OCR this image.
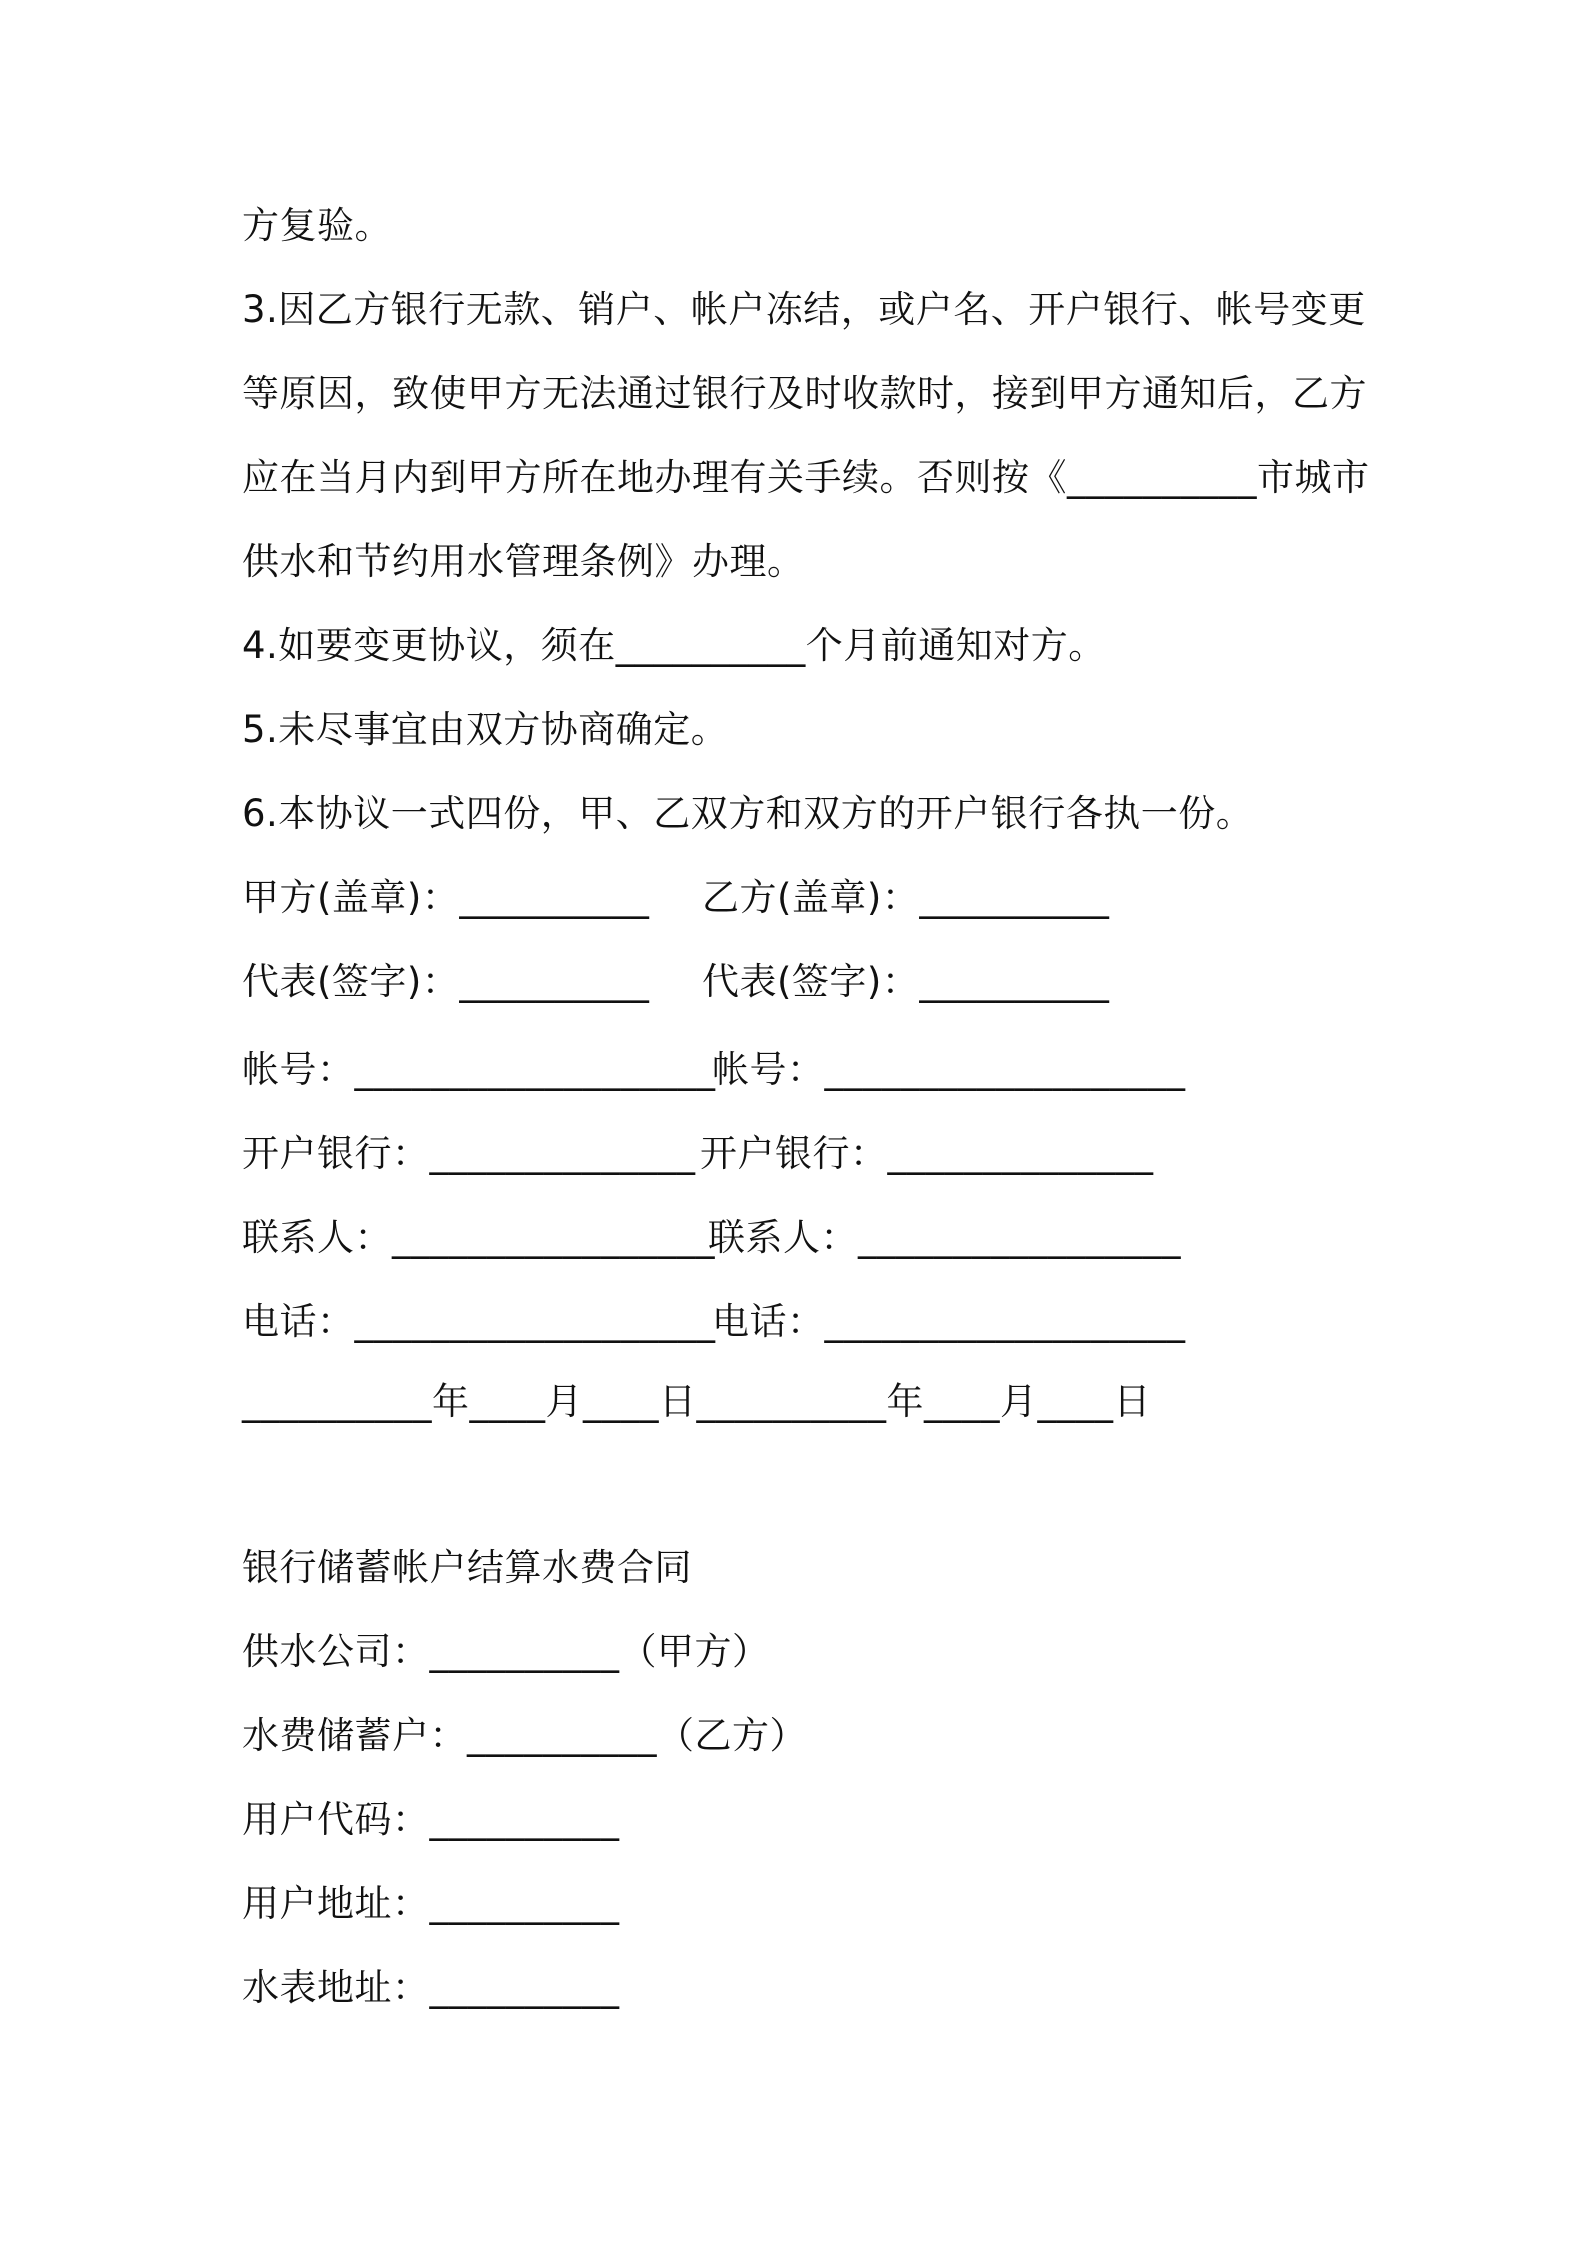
方复验。
3.因乙方银行无款、销户、帐户冻结，或户名、开户银行、帐号变更
等原因，致使甲方无法通过银行及时收款时，接到甲方通知后，乙方
应在当月内到甲方所在地办理有关手续。否则按《__________市城市
供水和节约用水管理条例》办理。
4.如要变更协议，须在__________个月前通知对方。
5.未尽事宜由双方协商确定。
6.本协议一式四份，甲、乙双方和双方的开户银行各执一份。
甲方(盖章)：__________ 乙方(盖章)：__________
代表(签字)：__________ 代表(签字)：__________
帐号：___________________
帐号：___________________
开户银行：______________ 开户银行：______________
联系人：_________________
联系人：_________________
电话：___________________
电话：___________________
__________年____月____日__________年____月____日
银行储蓄帐户结算水费合同
供水公司：__________（甲方）
水费储蓄户：__________（乙方）
用户代码：__________
用户地址：__________
水表地址：__________
